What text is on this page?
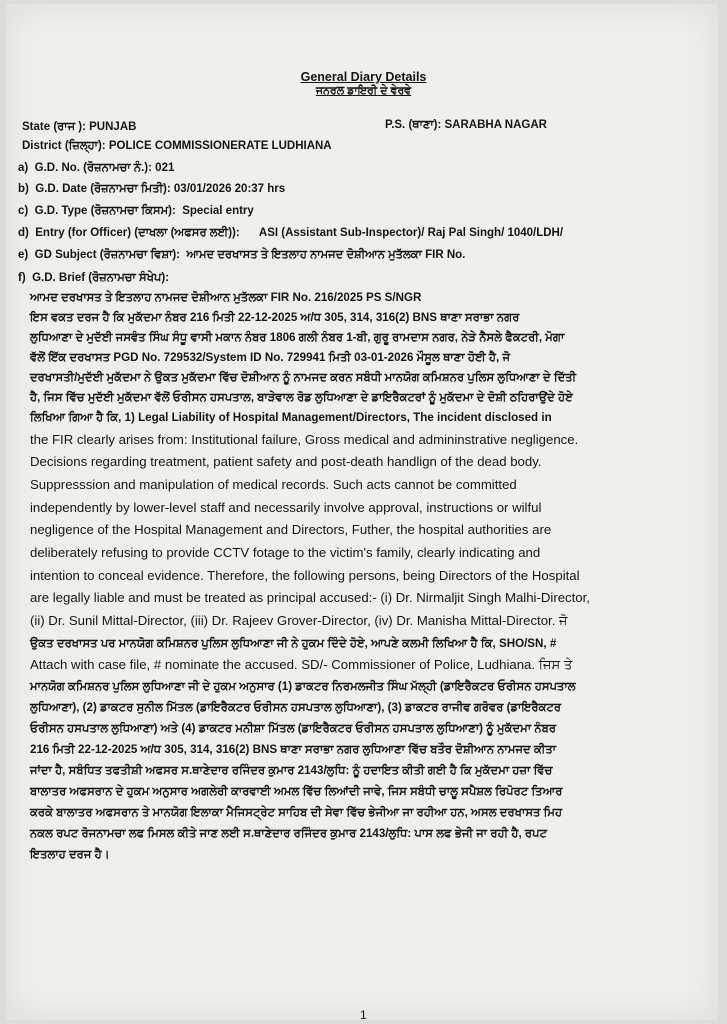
General Diary Details
ਜਨਰਲ ਡਾਇਰੀ ਦੇ ਵੇਰਵੇ
State (ਰਾਜ ): PUNJAB	P.S. (ਥਾਣਾ): SARABHA NAGAR
District (ਜ਼ਿਲ੍ਹਾ): POLICE COMMISSIONERATE LUDHIANA
a) G.D. No. (ਰੋਜ਼ਨਾਮਚਾ ਨੰ.): 021
b) G.D. Date (ਰੋਜ਼ਨਾਮਚਾ ਮਿਤੀ): 03/01/2026 20:37 hrs
c) G.D. Type (ਰੋਜ਼ਨਾਮਚਾ ਕਿਸਮ): Special entry
d) Entry (for Officer) (ਦਾਖਲਾ (ਅਫਸਰ ਲਈ)): ASI (Assistant Sub-Inspector)/ Raj Pal Singh/ 1040/LDH/
e) GD Subject (ਰੋਜ਼ਨਾਮਚਾ ਵਿਸ਼ਾ): ਆਮਦ ਦਰਖਾਸਤ ਤੇ ਇਤਲਾਹ ਨਾਮਜਦ ਦੋਸ਼ੀਆਨ ਮੁਤੱਲਕਾ FIR No.
f) G.D. Brief (ਰੋਜ਼ਨਾਮਚਾ ਸੰਖੇਪ):
ਆਮਦ ਦਰਖਾਸਤ ਤੇ ਇਤਲਾਹ ਨਾਮਜਦ ਦੋਸ਼ੀਆਨ ਮੁਤੱਲਕਾ FIR No. 216/2025 PS S/NGR
ਇਸ ਵਕਤ ਦਰਜ ਹੈ ਕਿ ਮੁਕੱਦਮਾ ਨੰਬਰ 216 ਮਿਤੀ 22-12-2025 ਅ/ਧ 305, 314, 316(2) BNS ਥਾਣਾ ਸਰਾਭਾ ਨਗਰ
ਲੁਧਿਆਣਾ ਦੇ ਮੁਦੱਈ ਜਸਵੰਤ ਸਿੰਘ ਸੰਧੂ ਵਾਸੀ ਮਕਾਨ ਨੰਬਰ 1806 ਗਲੀ ਨੰਬਰ 1-ਬੀ, ਗੁਰੂ ਰਾਮਦਾਸ ਨਗਰ, ਨੇੜੇ ਨੈਸਲੇ ਫੈਕਟਰੀ, ਮੋਗਾ
ਵੱਲੋਂ ਇੱਕ ਦਰਖਾਸਤ PGD No. 729532/System ID No. 729941 ਮਿਤੀ 03-01-2026 ਮੌਸੂਲ ਥਾਣਾ ਹੋਈ ਹੈ, ਜੋ
ਦਰਖਾਸਤੀ/ਮੁਦੱਈ ਮੁਕੱਦਮਾ ਨੇ ਉਕਤ ਮੁਕੱਦਮਾ ਵਿੱਚ ਦੋਸ਼ੀਆਨ ਨੂੰ ਨਾਮਜਦ ਕਰਨ ਸਬੰਧੀ ਮਾਨਯੋਗ ਕਮਿਸ਼ਨਰ ਪੁਲਿਸ ਲੁਧਿਆਣਾ ਦੇ ਦਿੱਤੀ
ਹੈ, ਜਿਸ ਵਿੱਚ ਮੁਦੱਈ ਮੁਕੱਦਮਾ ਵੱਲੋਂ ਓਰੀਸਨ ਹਸਪਤਾਲ, ਬਾੜੇਵਾਲ ਰੋਡ ਲੁਧਿਆਣਾ ਦੇ ਡਾਇਰੈਕਟਰਾਂ ਨੂੰ ਮੁਕੱਦਮਾ ਦੇ ਦੋਸ਼ੀ ਠਹਿਰਾਉਂਦੇ ਹੋਏ
ਲਿਖਿਆ ਗਿਆ ਹੈ ਕਿ, 1) Legal Liability of Hospital Management/Directors, The incident disclosed in
the FIR clearly arises from: Institutional failure, Gross medical and admininstrative negligence.
Decisions regarding treatment, patient safety and post-death handlign of the dead body.
Suppresssion and manipulation of medical records. Such acts cannot be committed
independently by lower-level staff and necessarily involve approval, instructions or wilful
negligence of the Hospital Management and Directors, Futher, the hospital authorities are
deliberately refusing to provide CCTV fotage to the victim's family, clearly indicating and
intention to conceal evidence. Therefore, the following persons, being Directors of the Hospital
are legally liable and must be treated as principal accused:- (i) Dr. Nirmaljit Singh Malhi-Director,
(ii) Dr. Sunil Mittal-Director, (iii) Dr. Rajeev Grover-Director, (iv) Dr. Manisha Mittal-Director. ਜੋ
ਉਕਤ ਦਰਖਾਸਤ ਪਰ ਮਾਨਯੋਗ ਕਮਿਸ਼ਨਰ ਪੁਲਿਸ ਲੁਧਿਆਣਾ ਜੀ ਨੇ ਹੁਕਮ ਦਿੰਦੇ ਹੋਏ, ਆਪਣੇ ਕਲਮੀ ਲਿਖਿਆ ਹੈ ਕਿ, SHO/SN, #
Attach with case file, # nominate the accused. SD/- Commissioner of Police, Ludhiana. ਜਿਸ ਤੇ
ਮਾਨਯੋਗ ਕਮਿਸ਼ਨਰ ਪੁਲਿਸ ਲੁਧਿਆਣਾ ਜੀ ਦੇ ਹੁਕਮ ਅਨੁਸਾਰ (1) ਡਾਕਟਰ ਨਿਰਮਲਜੀਤ ਸਿੰਘ ਮੱਲ੍ਹੀ (ਡਾਇਰੈਕਟਰ ਓਰੀਸਨ ਹਸਪਤਾਲ
ਲੁਧਿਆਣਾ), (2) ਡਾਕਟਰ ਸੁਨੀਲ ਮਿੱਤਲ (ਡਾਇਰੈਕਟਰ ਓਰੀਸਨ ਹਸਪਤਾਲ ਲੁਧਿਆਣਾ), (3) ਡਾਕਟਰ ਰਾਜੀਵ ਗਰੋਵਰ (ਡਾਇਰੈਕਟਰ
ਓਰੀਸਨ ਹਸਪਤਾਲ ਲੁਧਿਆਣਾ) ਅਤੇ (4) ਡਾਕਟਰ ਮਨੀਸ਼ਾ ਮਿੱਤਲ (ਡਾਇਰੈਕਟਰ ਓਰੀਸਨ ਹਸਪਤਾਲ ਲੁਧਿਆਣਾ) ਨੂੰ ਮੁਕੱਦਮਾ ਨੰਬਰ
216 ਮਿਤੀ 22-12-2025 ਅ/ਧ 305, 314, 316(2) BNS ਥਾਣਾ ਸਰਾਭਾ ਨਗਰ ਲੁਧਿਆਣਾ ਵਿੱਚ ਬਤੌਰ ਦੋਸ਼ੀਆਨ ਨਾਮਜਦ ਕੀਤਾ
ਜਾਂਦਾ ਹੈ, ਸਬੰਧਿਤ ਤਫਤੀਸ਼ੀ ਅਫਸਰ ਸ.ਥਾਣੇਦਾਰ ਰਜਿੰਦਰ ਕੁਮਾਰ 2143/ਲੁਧਿ: ਨੂੰ ਹਦਾਇਤ ਕੀਤੀ ਗਈ ਹੈ ਕਿ ਮੁਕੱਦਮਾ ਹਜ਼ਾ ਵਿੱਚ
ਬਾਲਾਤਰ ਅਫਸਰਾਨ ਦੇ ਹੁਕਮ ਅਨੁਸਾਰ ਅਗਲੇਰੀ ਕਾਰਵਾਈ ਅਮਲ ਵਿੱਚ ਲਿਆਂਦੀ ਜਾਵੇ, ਜਿਸ ਸਬੰਧੀ ਚਾਲੂ ਸਪੈਸ਼ਲ ਰਿਪੋਰਟ ਤਿਆਰ
ਕਰਕੇ ਬਾਲਾਤਰ ਅਫਸਰਾਨ ਤੇ ਮਾਨਯੋਗ ਇਲਾਕਾ ਮੈਜਿਸਟ੍ਰੇਟ ਸਾਹਿਬ ਦੀ ਸੇਵਾ ਵਿੱਚ ਭੇਜੀਆ ਜਾ ਰਹੀਆ ਹਨ, ਅਸਲ ਦਰਖਾਸਤ ਮਿਹ
ਨਕਲ ਰਪਟ ਰੋਜਨਾਮਚਾ ਲਫ ਮਿਸਲ ਕੀਤੇ ਜਾਣ ਲਈ ਸ.ਥਾਣੇਦਾਰ ਰਜਿੰਦਰ ਕੁਮਾਰ 2143/ਲੁਧਿ: ਪਾਸ ਲਫ ਭੇਜੀ ਜਾ ਰਹੀ ਹੈ, ਰਪਟ
ਇਤਲਾਹ ਦਰਜ ਹੈ।
1
